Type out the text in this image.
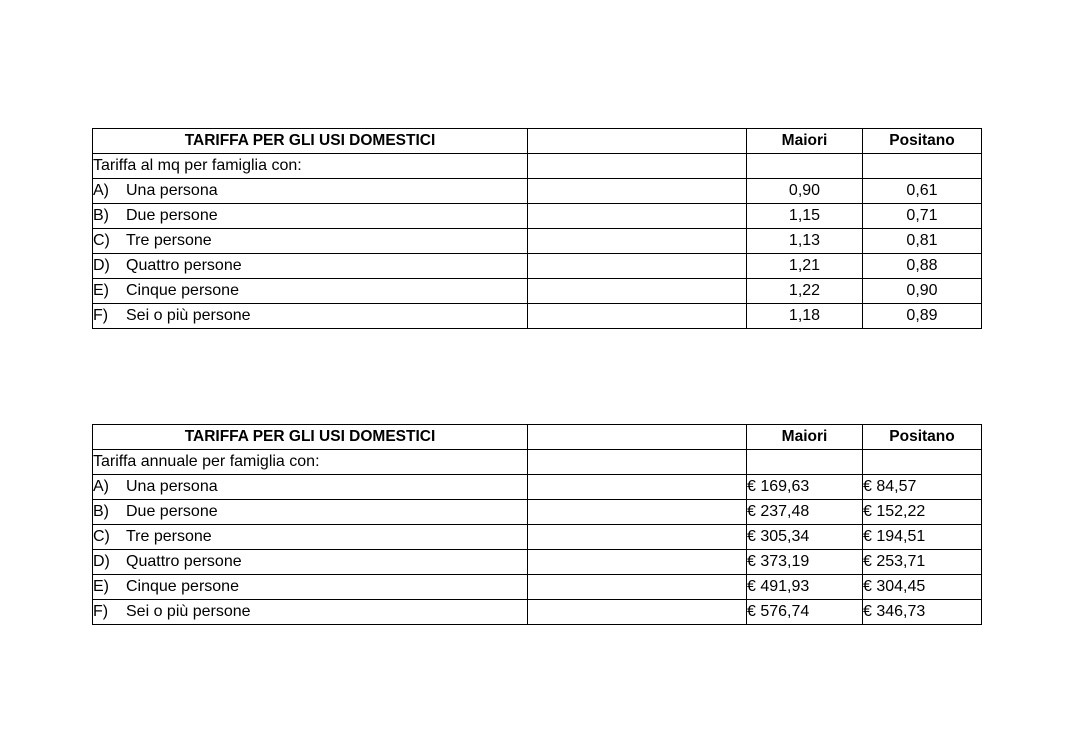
TARIFFA PER GLI USI DOMESTICI		Maiori	Positano
Tariffa al mq per famiglia con:			
A) Una persona		0,90	0,61
B) Due persone		1,15	0,71
C) Tre persone		1,13	0,81
D) Quattro persone		1,21	0,88
E) Cinque persone		1,22	0,90
F) Sei o più persone		1,18	0,89
TARIFFA PER GLI USI DOMESTICI		Maiori	Positano
Tariffa annuale per famiglia con:			
A) Una persona		€ 169,63	€ 84,57
B) Due persone		€ 237,48	€ 152,22
C) Tre persone		€ 305,34	€ 194,51
D) Quattro persone		€ 373,19	€ 253,71
E) Cinque persone		€ 491,93	€ 304,45
F) Sei o più persone		€ 576,74	€ 346,73
